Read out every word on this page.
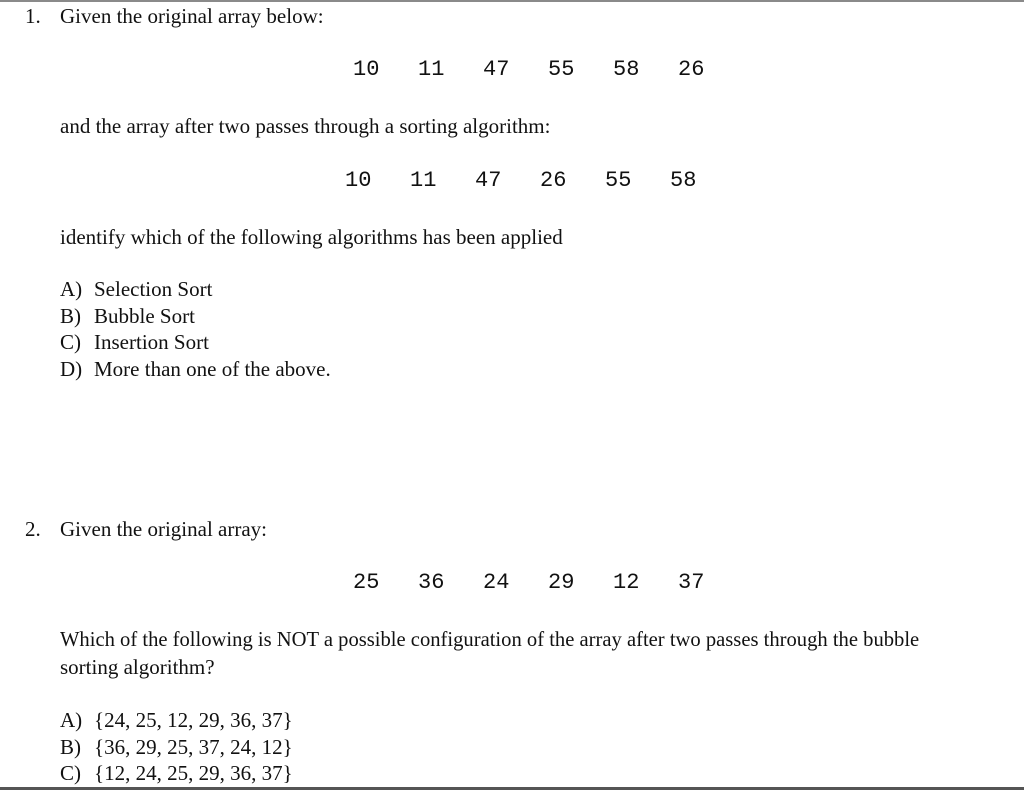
1. Given the original array below:
10	11	47	55	58	26
and the array after two passes through a sorting algorithm:
10	11	47	26	55	58
identify which of the following algorithms has been applied
A) Selection Sort
B) Bubble Sort
C) Insertion Sort
D) More than one of the above.
2. Given the original array:
25	36	24	29	12	37
Which of the following is NOT a possible configuration of the array after two passes through the bubble
sorting algorithm?
A) {24, 25, 12, 29, 36, 37}
B) {36, 29, 25, 37, 24, 12}
C) {12, 24, 25, 29, 36, 37}
